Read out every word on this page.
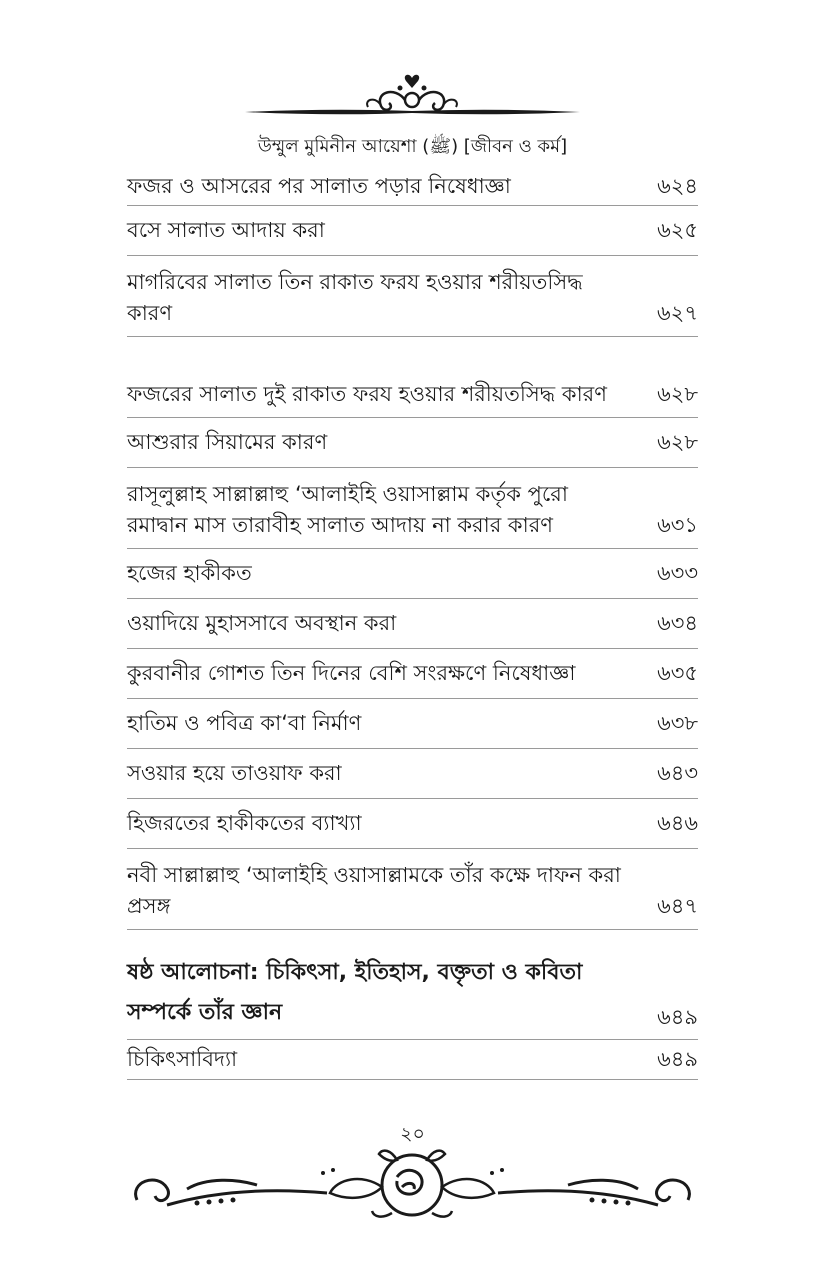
উম্মুল মুমিনীন আয়েশা (ﷺ) [জীবন ও কর্ম]
ফজর ও আসরের পর সালাত পড়ার নিষেধাজ্ঞা	৬২৪
বসে সালাত আদায় করা	৬২৫
মাগরিবের সালাত তিন রাকাত ফরয হওয়ার শরীয়তসিদ্ধ কারণ	৬২৭
ফজরের সালাত দুই রাকাত ফরয হওয়ার শরীয়তসিদ্ধ কারণ	৬২৮
আশুরার সিয়ামের কারণ	৬২৮
রাসূলুল্লাহ সাল্লাল্লাহু ‘আলাইহি ওয়াসাল্লাম কর্তৃক পুরো রমাদ্বান মাস তারাবীহ সালাত আদায় না করার কারণ	৬৩১
হজের হাকীকত	৬৩৩
ওয়াদিয়ে মুহাসসাবে অবস্থান করা	৬৩৪
কুরবানীর গোশত তিন দিনের বেশি সংরক্ষণে নিষেধাজ্ঞা	৬৩৫
হাতিম ও পবিত্র কা‘বা নির্মাণ	৬৩৮
সওয়ার হয়ে তাওয়াফ করা	৬৪৩
হিজরতের হাকীকতের ব্যাখ্যা	৬৪৬
নবী সাল্লাল্লাহু ‘আলাইহি ওয়াসাল্লামকে তাঁর কক্ষে দাফন করা প্রসঙ্গ	৬৪৭
ষষ্ঠ আলোচনা: চিকিৎসা, ইতিহাস, বক্তৃতা ও কবিতা সম্পর্কে তাঁর জ্ঞান	৬৪৯
চিকিৎসাবিদ্যা	৬৪৯
২০
